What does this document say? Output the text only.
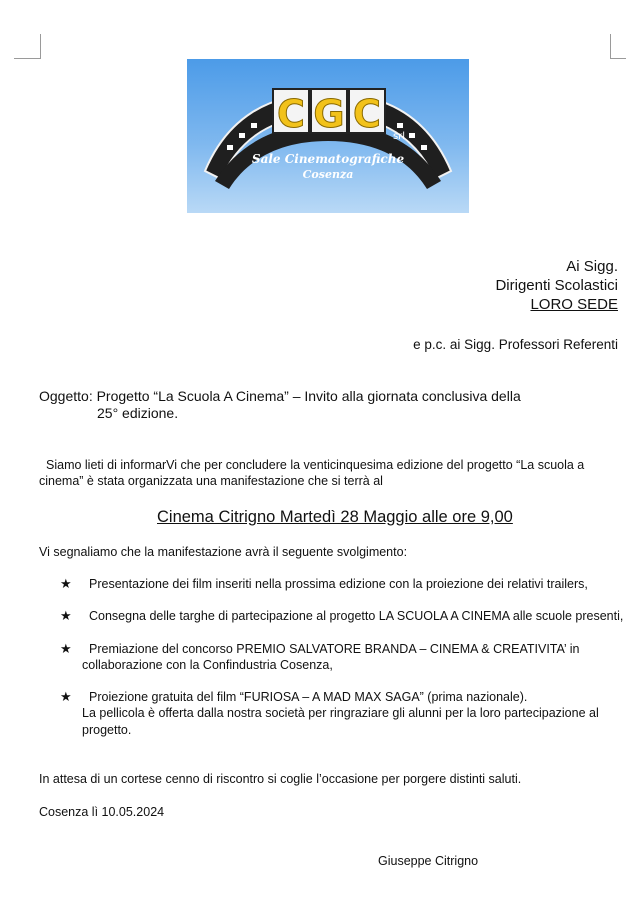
C G C
srl
Sale Cinematografiche
Cosenza
Ai Sigg.
Dirigenti Scolastici
LORO SEDE
e p.c. ai Sigg. Professori Referenti
Oggetto: Progetto “La Scuola A Cinema” – Invito alla giornata conclusiva della
25° edizione.
Siamo lieti di informarVi che per concludere la venticinquesima edizione del progetto “La scuola a
cinema” è stata organizzata una manifestazione che si terrà al
Cinema Citrigno Martedì 28 Maggio alle ore 9,00
Vi segnaliamo che la manifestazione avrà il seguente svolgimento:
★ Presentazione dei film inseriti nella prossima edizione con la proiezione dei relativi trailers,
★ Consegna delle targhe di partecipazione al progetto LA SCUOLA A CINEMA alle scuole presenti,
★ Premiazione del concorso PREMIO SALVATORE BRANDA – CINEMA & CREATIVITA’ in
collaborazione con la Confindustria Cosenza,
★ Proiezione gratuita del film “FURIOSA – A MAD MAX SAGA” (prima nazionale).
La pellicola è offerta dalla nostra società per ringraziare gli alunni per la loro partecipazione al
progetto.
In attesa di un cortese cenno di riscontro si coglie l’occasione per porgere distinti saluti.
Cosenza lì 10.05.2024
Giuseppe Citrigno
